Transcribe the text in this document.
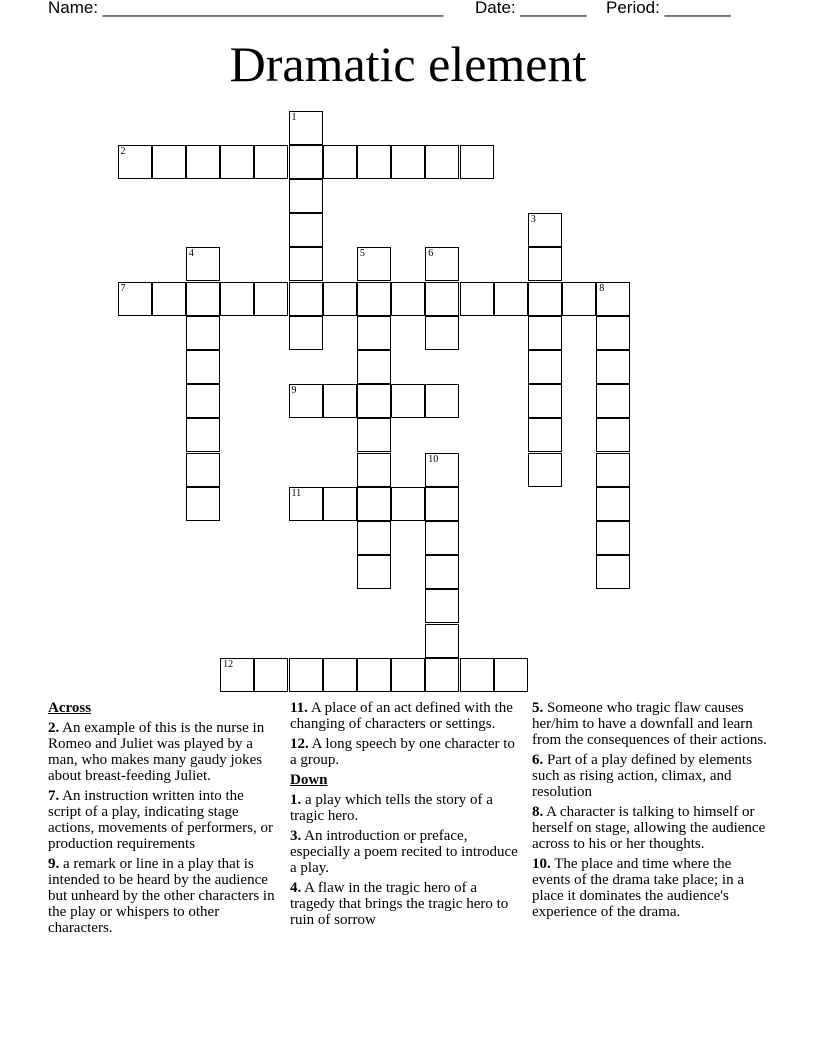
Name: ____________________________________

Date: _______

Period: _______

Dramatic element
1
2
3
4	5	6
7	8
9
10
11
12
Across
2. An example of this is the nurse in Romeo and Juliet was played by a man, who makes many gaudy jokes about breast-feeding Juliet.
7. An instruction written into the script of a play, indicating stage actions, movements of performers, or production requirements
9. a remark or line in a play that is intended to be heard by the audience but unheard by the other characters in the play or whispers to other characters.
11. A place of an act defined with the changing of characters or settings.
12. A long speech by one character to a group.
Down
1. a play which tells the story of a tragic hero.
3. An introduction or preface, especially a poem recited to introduce a play.
4. A flaw in the tragic hero of a tragedy that brings the tragic hero to ruin of sorrow
5. Someone who tragic flaw causes her/him to have a downfall and learn from the consequences of their actions.
6. Part of a play defined by elements such as rising action, climax, and resolution
8. A character is talking to himself or herself on stage, allowing the audience across to his or her thoughts.
10. The place and time where the events of the drama take place; in a place it dominates the audience's experience of the drama.
